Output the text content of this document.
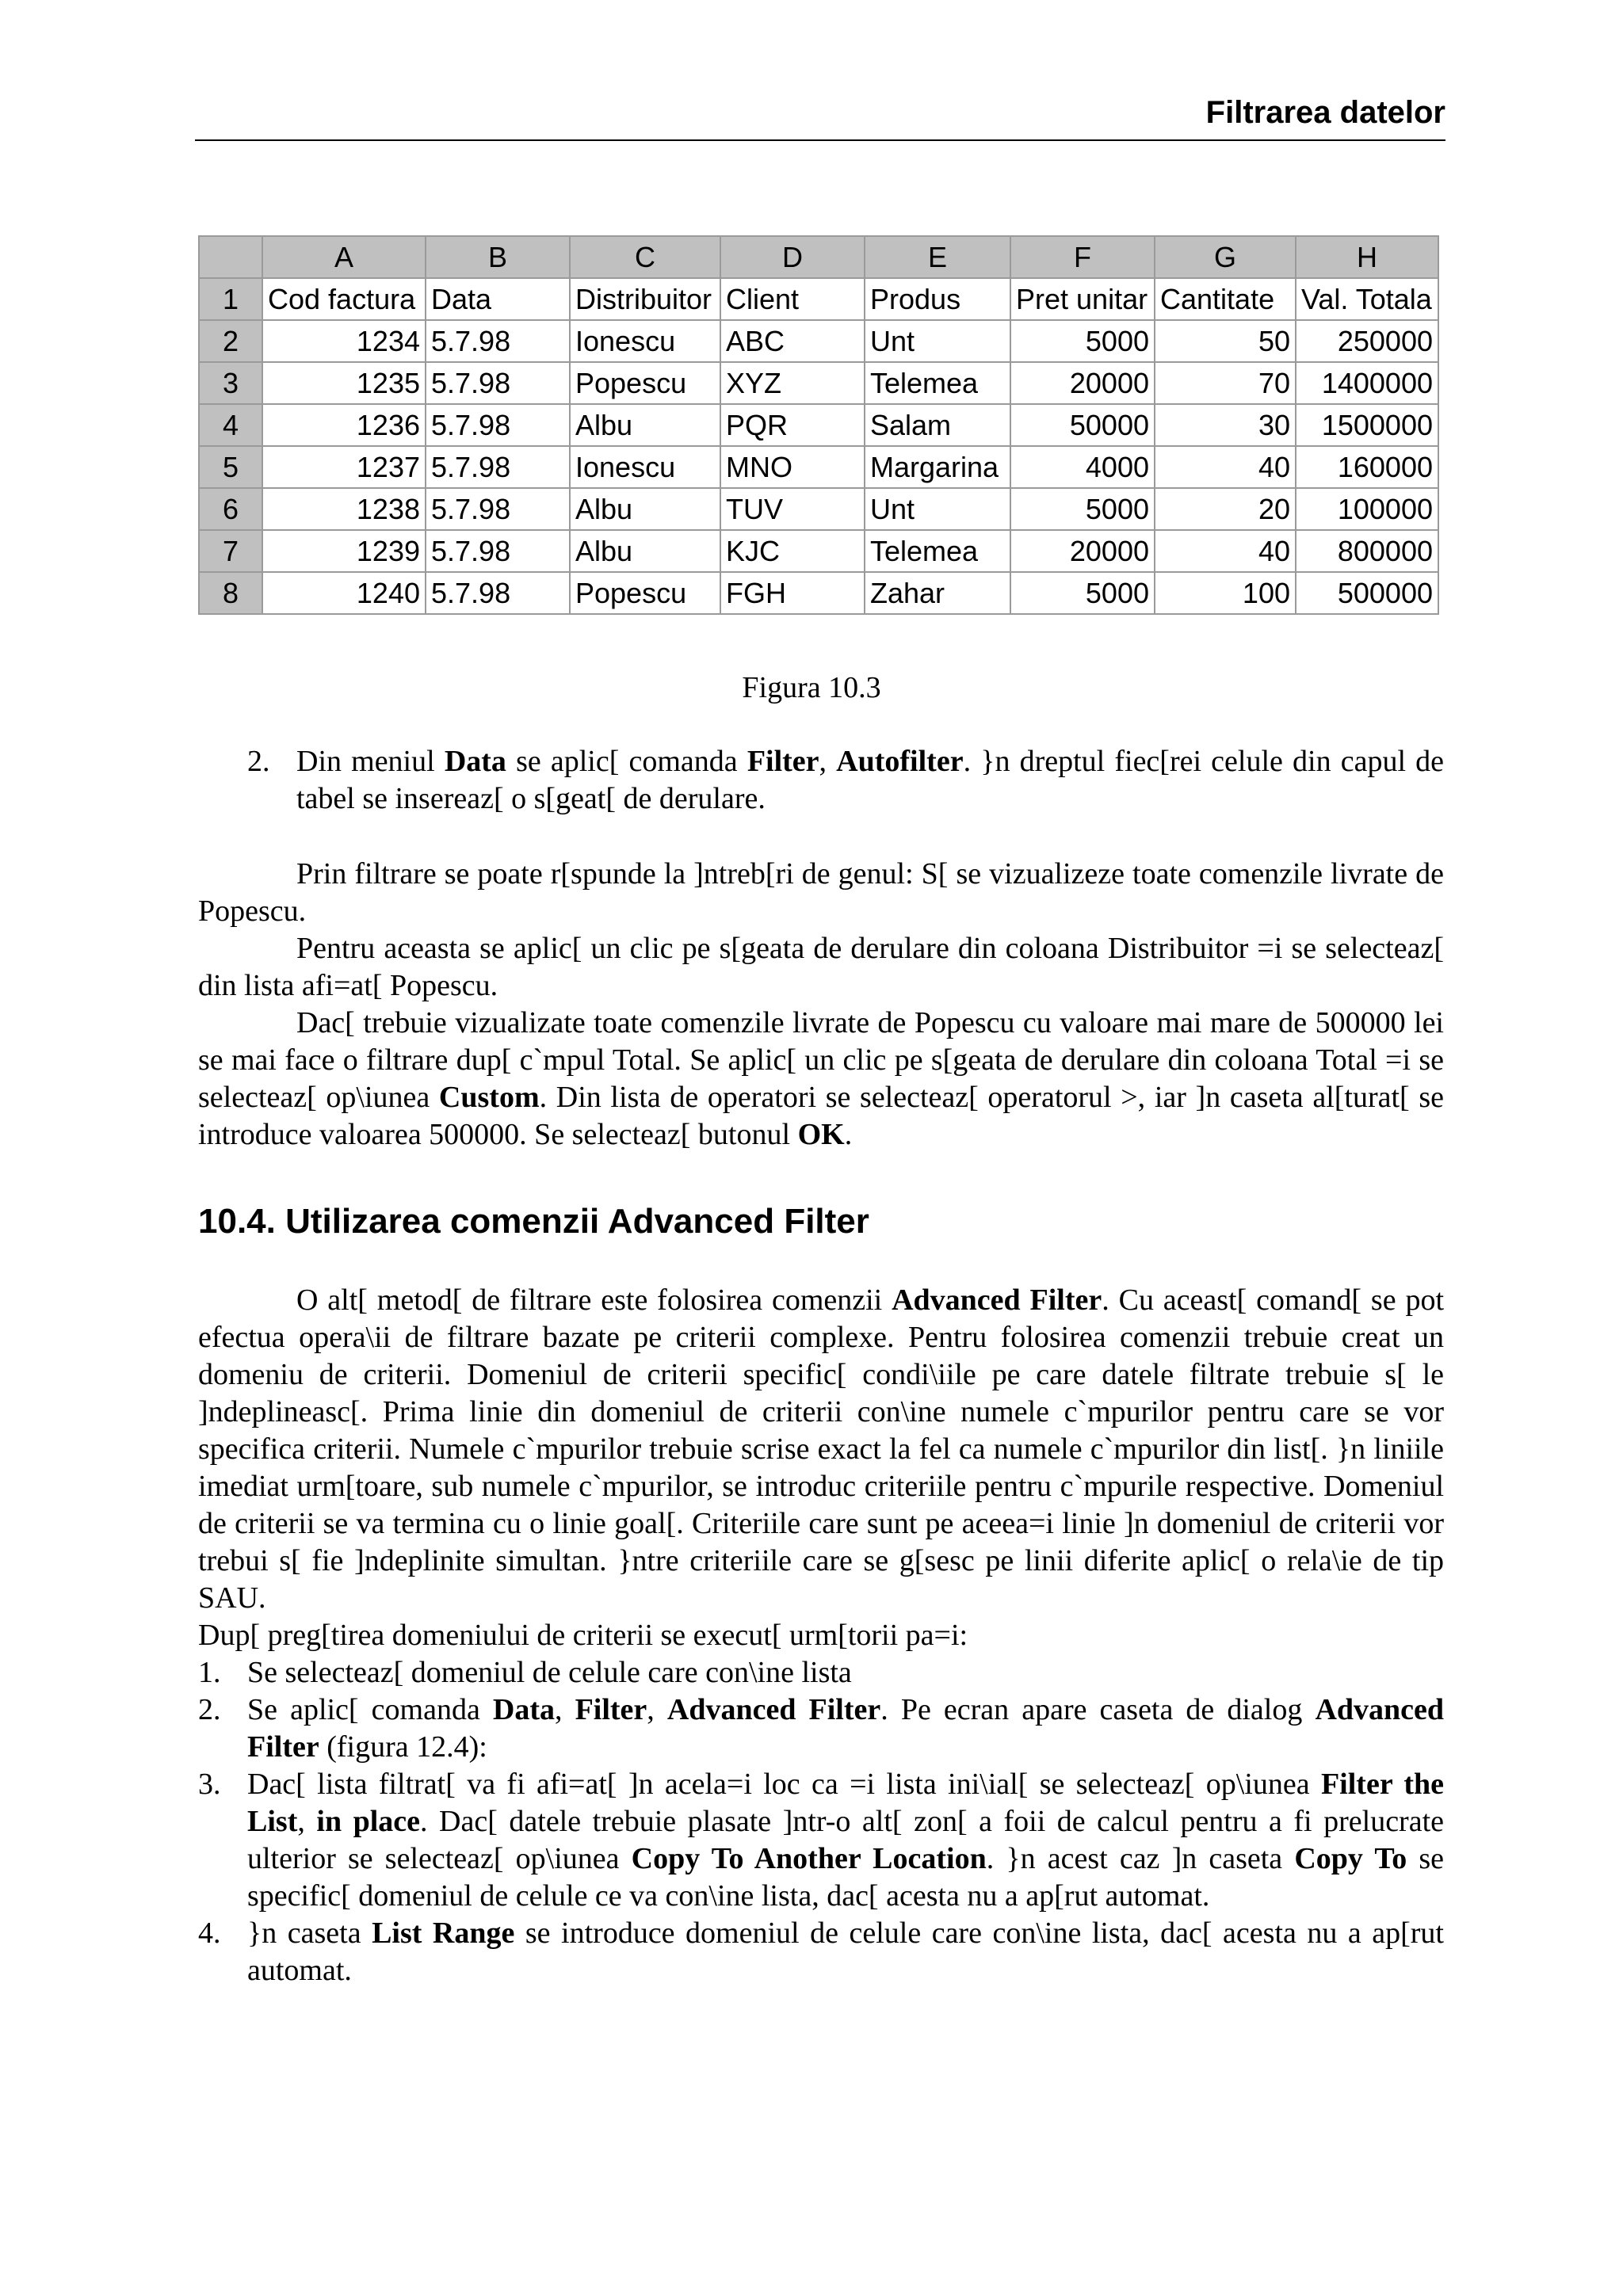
Filtrarea datelor
	A	B	C	D	E	F	G	H
1	Cod factura	Data	Distribuitor	Client	Produs	Pret unitar	Cantitate	Val. Totala
2	1234	5.7.98	Ionescu	ABC	Unt	5000	50	250000
3	1235	5.7.98	Popescu	XYZ	Telemea	20000	70	1400000
4	1236	5.7.98	Albu	PQR	Salam	50000	30	1500000
5	1237	5.7.98	Ionescu	MNO	Margarina	4000	40	160000
6	1238	5.7.98	Albu	TUV	Unt	5000	20	100000
7	1239	5.7.98	Albu	KJC	Telemea	20000	40	800000
8	1240	5.7.98	Popescu	FGH	Zahar	5000	100	500000
Figura 10.3

2. Din meniul Data se aplic[ comanda Filter, Autofilter. }n dreptul fiec[rei celule din capul de tabel se insereaz[ o s[geat[ de derulare.

Prin filtrare se poate r[spunde la ]ntreb[ri de genul: S[ se vizualizeze toate comenzile livrate de Popescu.

Pentru aceasta se aplic[ un clic pe s[geata de derulare din coloana Distribuitor =i se selecteaz[ din lista afi=at[ Popescu.

Dac[ trebuie vizualizate toate comenzile livrate de Popescu cu valoare mai mare de 500000 lei se mai face o filtrare dup[ c`mpul Total. Se aplic[ un clic pe s[geata de derulare din coloana Total =i se selecteaz[ op\iunea Custom. Din lista de operatori se selecteaz[ operatorul >, iar ]n caseta al[turat[ se introduce valoarea 500000. Se selecteaz[ butonul OK.

10.4. Utilizarea comenzii Advanced Filter

O alt[ metod[ de filtrare este folosirea comenzii Advanced Filter. Cu aceast[ comand[ se pot efectua opera\ii de filtrare bazate pe criterii complexe. Pentru folosirea comenzii trebuie creat un domeniu de criterii. Domeniul de criterii specific[ condi\iile pe care datele filtrate trebuie s[ le ]ndeplineasc[. Prima linie din domeniul de criterii con\ine numele c`mpurilor pentru care se vor specifica criterii. Numele c`mpurilor trebuie scrise exact la fel ca numele c`mpurilor din list[. }n liniile imediat urm[toare, sub numele c`mpurilor, se introduc criteriile pentru c`mpurile respective. Domeniul de criterii se va termina cu o linie goal[. Criteriile care sunt pe aceea=i linie ]n domeniul de criterii vor trebui s[ fie ]ndeplinite simultan. }ntre criteriile care se g[sesc pe linii diferite aplic[ o rela\ie de tip SAU.

Dup[ preg[tirea domeniului de criterii se execut[ urm[torii pa=i:

1. Se selecteaz[ domeniul de celule care con\ine lista

2. Se aplic[ comanda Data, Filter, Advanced Filter. Pe ecran apare caseta de dialog Advanced Filter (figura 12.4):

3. Dac[ lista filtrat[ va fi afi=at[ ]n acela=i loc ca =i lista ini\ial[ se selecteaz[ op\iunea Filter the List, in place. Dac[ datele trebuie plasate ]ntr-o alt[ zon[ a foii de calcul pentru a fi prelucrate ulterior se selecteaz[ op\iunea Copy To Another Location. }n acest caz ]n caseta Copy To se specific[ domeniul de celule ce va con\ine lista, dac[ acesta nu a ap[rut automat.

4. }n caseta List Range se introduce domeniul de celule care con\ine lista, dac[ acesta nu a ap[rut automat.
